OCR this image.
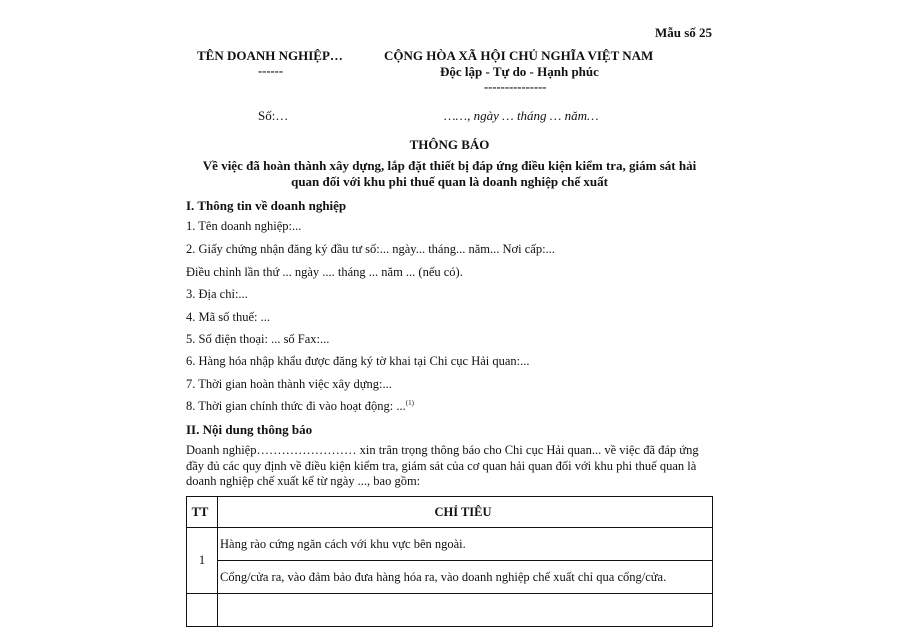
Mẫu số 25
TÊN DOANH NGHIỆP…
------
CỘNG HÒA XÃ HỘI CHỦ NGHĨA VIỆT NAM
Độc lập - Tự do - Hạnh phúc
---------------
Số:…	……, ngày … tháng … năm…
THÔNG BÁO
Về việc đã hoàn thành xây dựng, lắp đặt thiết bị đáp ứng điều kiện kiểm tra, giám sát hải
quan đối với khu phi thuế quan là doanh nghiệp chế xuất
I. Thông tin về doanh nghiệp
1. Tên doanh nghiệp:...
2. Giấy chứng nhận đăng ký đầu tư số:... ngày... tháng... năm... Nơi cấp:...
Điều chỉnh lần thứ ... ngày .... tháng ... năm ... (nếu có).
3. Địa chỉ:...
4. Mã số thuế: ...
5. Số điện thoại: ... số Fax:...
6. Hàng hóa nhập khẩu được đăng ký tờ khai tại Chi cục Hải quan:...
7. Thời gian hoàn thành việc xây dựng:...
8. Thời gian chính thức đi vào hoạt động: ...$^{(1)}$
II. Nội dung thông báo
Doanh nghiệp…………………… xin trân trọng thông báo cho Chi cục Hải quan... về việc đã đáp ứng đầy đủ các quy định về điều kiện kiểm tra, giám sát của cơ quan hải quan đối với khu phi thuế quan là doanh nghiệp chế xuất kể từ ngày ..., bao gồm:
TT	CHỈ TIÊU
1	Hàng rào cứng ngăn cách với khu vực bên ngoài.
	Cổng/cửa ra, vào đảm bảo đưa hàng hóa ra, vào doanh nghiệp chế xuất chỉ qua cổng/cửa.
